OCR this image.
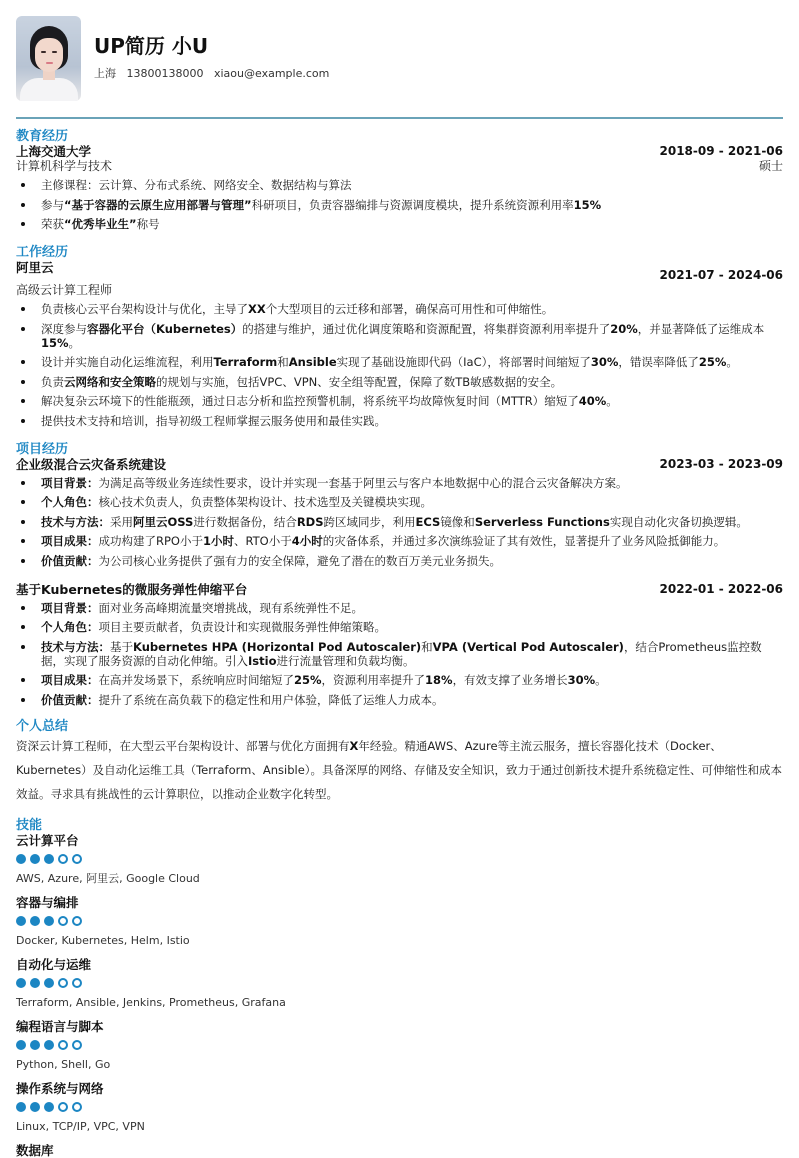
UP简历 小U
上海 13800138000 xiaou@example.com
教育经历
上海交通大学	2018-09 - 2021-06
计算机科学与技术	硕士
主修课程：云计算、分布式系统、网络安全、数据结构与算法
参与“基于容器的云原生应用部署与管理”科研项目，负责容器编排与资源调度模块，提升系统资源利用率15%
荣获“优秀毕业生”称号
工作经历
阿里云	2021-07 - 2024-06
高级云计算工程师
负责核心云平台架构设计与优化，主导了XX个大型项目的云迁移和部署，确保高可用性和可伸缩性。
深度参与容器化平台（Kubernetes）的搭建与维护，通过优化调度策略和资源配置，将集群资源利用率提升了20%，并显著降低了运维成本15%。
设计并实施自动化运维流程，利用Terraform和Ansible实现了基础设施即代码（IaC），将部署时间缩短了30%，错误率降低了25%。
负责云网络和安全策略的规划与实施，包括VPC、VPN、安全组等配置，保障了数TB敏感数据的安全。
解决复杂云环境下的性能瓶颈，通过日志分析和监控预警机制，将系统平均故障恢复时间（MTTR）缩短了40%。
提供技术支持和培训，指导初级工程师掌握云服务使用和最佳实践。
项目经历
企业级混合云灾备系统建设	2023-03 - 2023-09
项目背景：为满足高等级业务连续性要求，设计并实现一套基于阿里云与客户本地数据中心的混合云灾备解决方案。
个人角色：核心技术负责人，负责整体架构设计、技术选型及关键模块实现。
技术与方法：采用阿里云OSS进行数据备份，结合RDS跨区域同步，利用ECS镜像和Serverless Functions实现自动化灾备切换逻辑。
项目成果：成功构建了RPO小于1小时、RTO小于4小时的灾备体系，并通过多次演练验证了其有效性，显著提升了业务风险抵御能力。
价值贡献：为公司核心业务提供了强有力的安全保障，避免了潜在的数百万美元业务损失。
基于Kubernetes的微服务弹性伸缩平台	2022-01 - 2022-06
项目背景：面对业务高峰期流量突增挑战，现有系统弹性不足。
个人角色：项目主要贡献者，负责设计和实现微服务弹性伸缩策略。
技术与方法：基于Kubernetes HPA (Horizontal Pod Autoscaler)和VPA (Vertical Pod Autoscaler)，结合Prometheus监控数据，实现了服务资源的自动化伸缩。引入Istio进行流量管理和负载均衡。
项目成果：在高并发场景下，系统响应时间缩短了25%，资源利用率提升了18%，有效支撑了业务增长30%。
价值贡献：提升了系统在高负载下的稳定性和用户体验，降低了运维人力成本。
个人总结
资深云计算工程师，在大型云平台架构设计、部署与优化方面拥有X年经验。精通AWS、Azure等主流云服务，擅长容器化技术（Docker、Kubernetes）及自动化运维工具（Terraform、Ansible）。具备深厚的网络、存储及安全知识，致力于通过创新技术提升系统稳定性、可伸缩性和成本效益。寻求具有挑战性的云计算职位，以推动企业数字化转型。
技能
云计算平台
AWS, Azure, 阿里云, Google Cloud
容器与编排
Docker, Kubernetes, Helm, Istio
自动化与运维
Terraform, Ansible, Jenkins, Prometheus, Grafana
编程语言与脚本
Python, Shell, Go
操作系统与网络
Linux, TCP/IP, VPC, VPN
数据库
